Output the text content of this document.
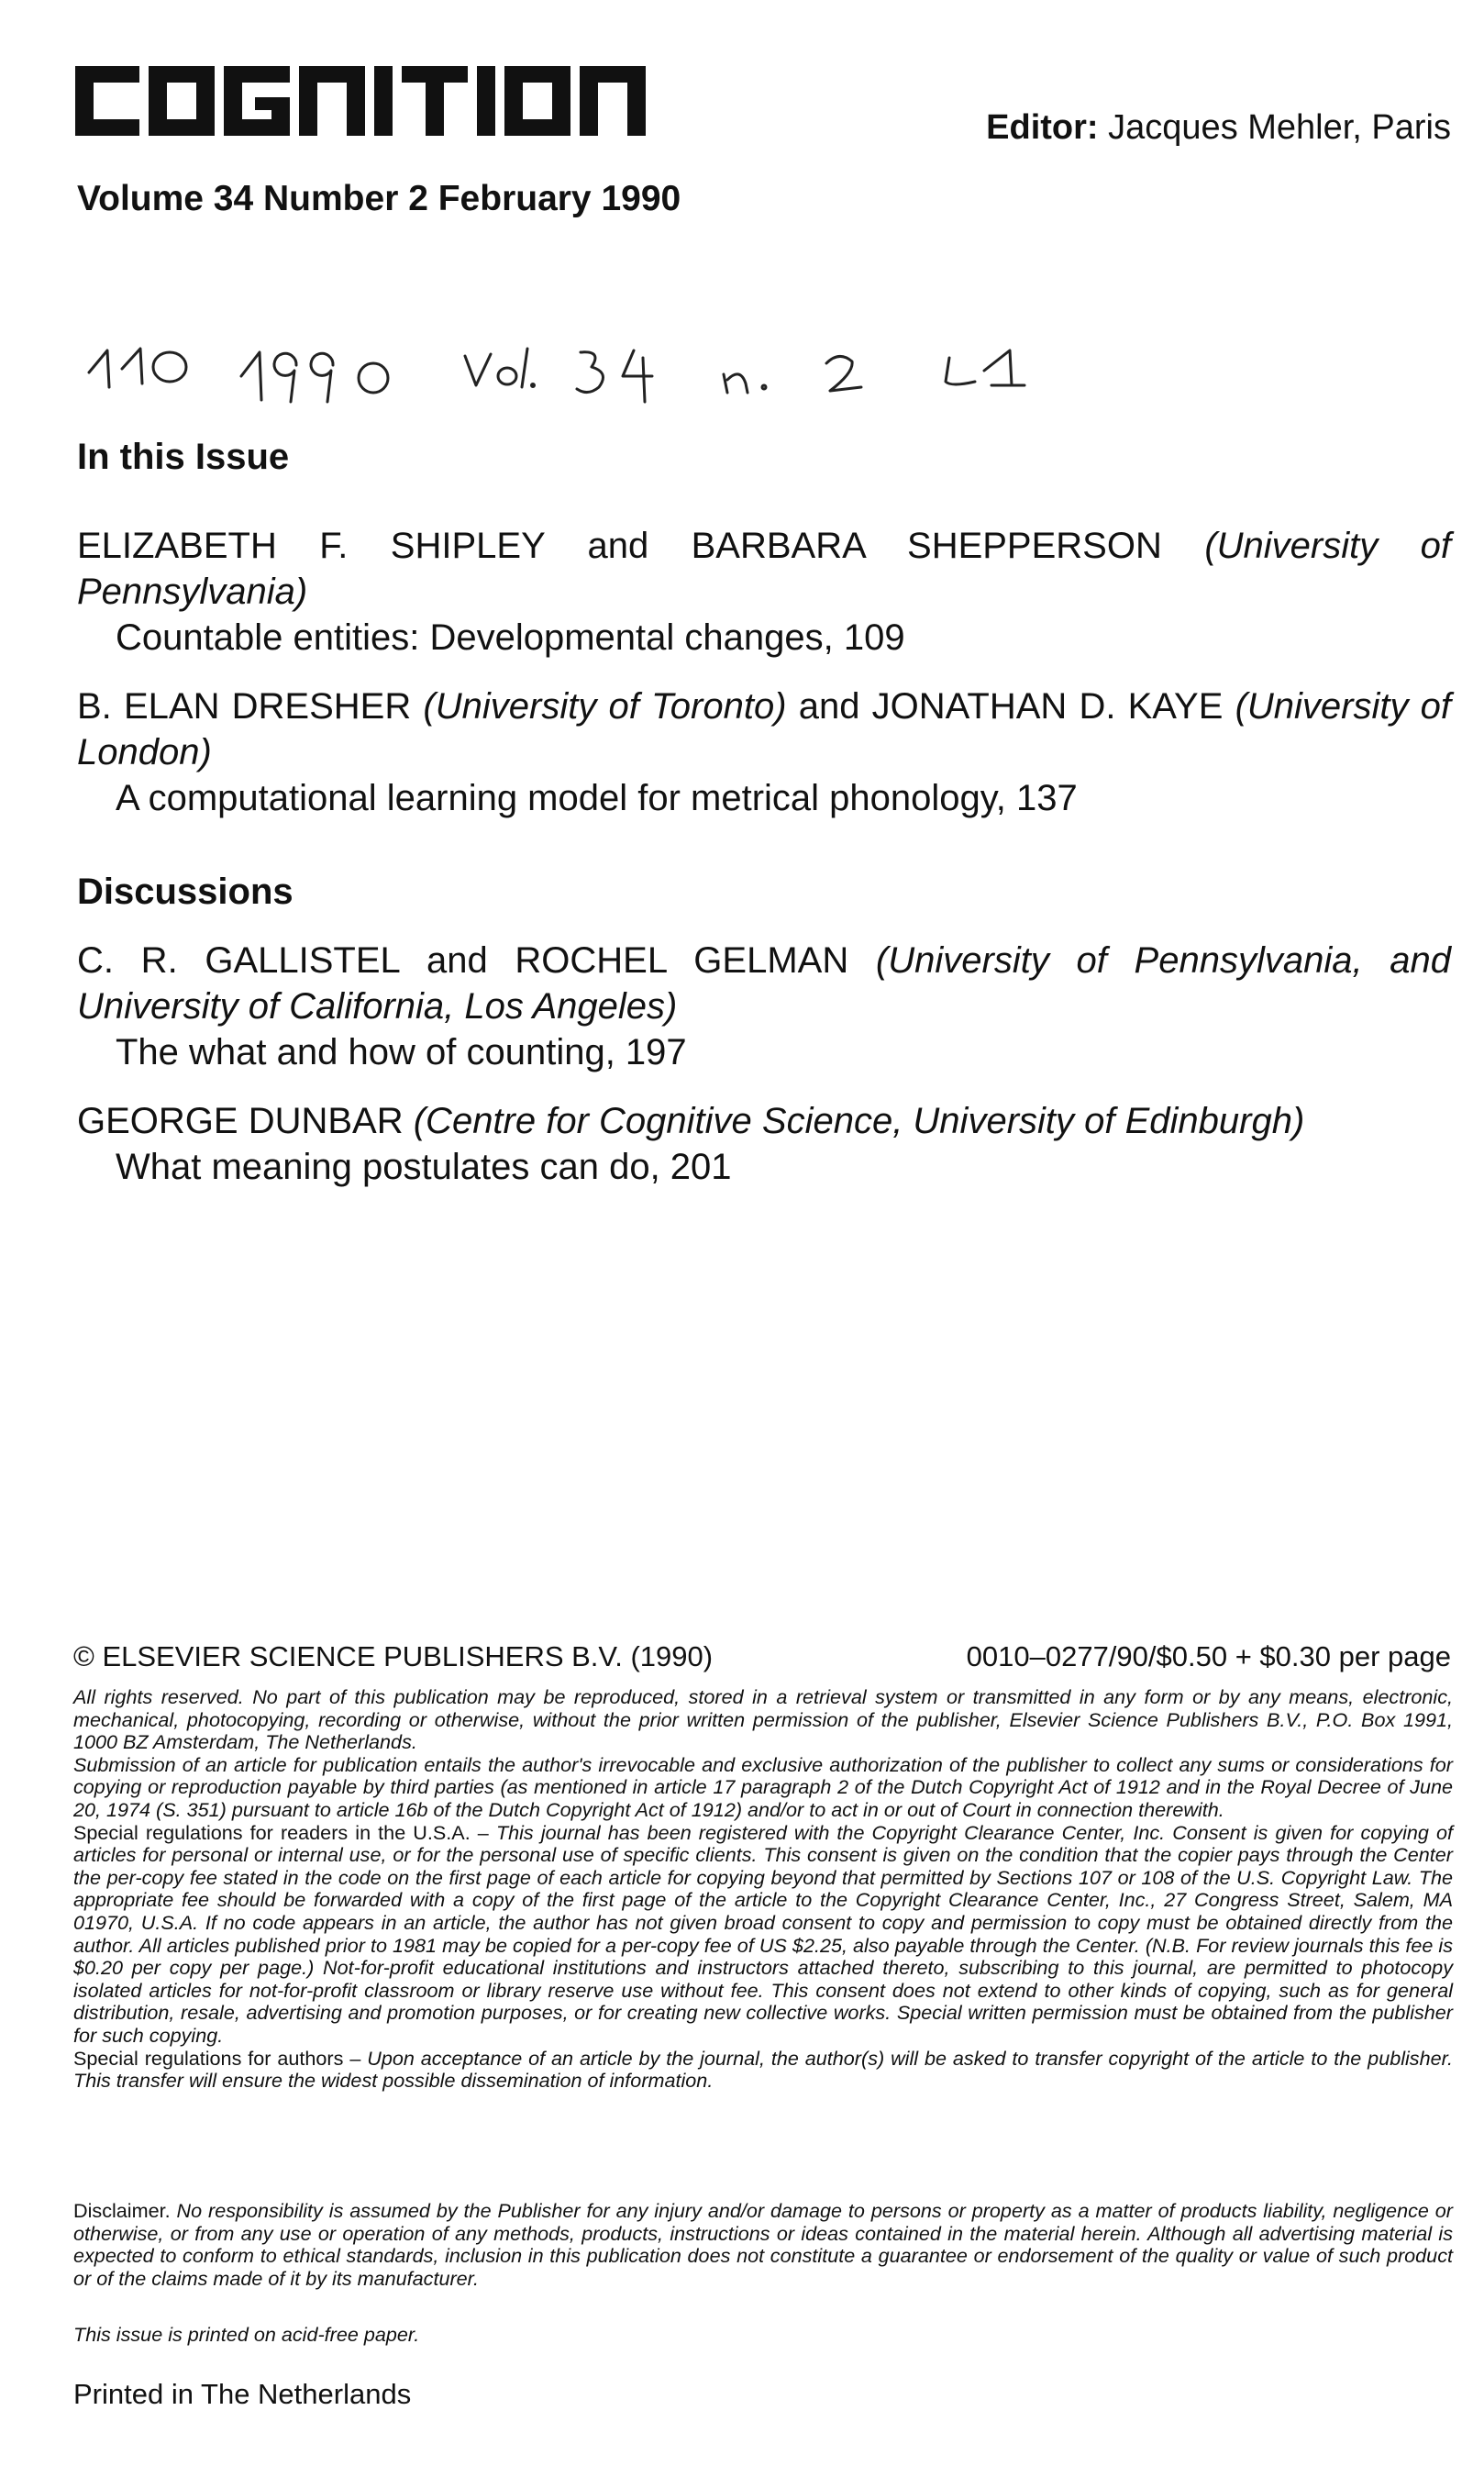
Editor: Jacques Mehler, Paris
Volume 34 Number 2 February 1990
In this Issue
ELIZABETH F. SHIPLEY and BARBARA SHEPPERSON (University of Pennsylvania)
Countable entities: Developmental changes, 109
B. ELAN DRESHER (University of Toronto) and JONATHAN D. KAYE (University of London)
A computational learning model for metrical phonology, 137
Discussions
C. R. GALLISTEL and ROCHEL GELMAN (University of Pennsylvania, and University of California, Los Angeles)
The what and how of counting, 197
GEORGE DUNBAR (Centre for Cognitive Science, University of Edinburgh)
What meaning postulates can do, 201
© ELSEVIER SCIENCE PUBLISHERS B.V. (1990)	0010–0277/90/$0.50 + $0.30 per page

All rights reserved. No part of this publication may be reproduced, stored in a retrieval system or transmitted in any form or by any means, electronic, mechanical, photocopying, recording or otherwise, without the prior written permission of the publisher, Elsevier Science Publishers B.V., P.O. Box 1991, 1000 BZ Amsterdam, The Netherlands.

Submission of an article for publication entails the author's irrevocable and exclusive authorization of the publisher to collect any sums or considerations for copying or reproduction payable by third parties (as mentioned in article 17 paragraph 2 of the Dutch Copyright Act of 1912 and in the Royal Decree of June 20, 1974 (S. 351) pursuant to article 16b of the Dutch Copyright Act of 1912) and/or to act in or out of Court in connection therewith.

Special regulations for readers in the U.S.A. – This journal has been registered with the Copyright Clearance Center, Inc. Consent is given for copying of articles for personal or internal use, or for the personal use of specific clients. This consent is given on the condition that the copier pays through the Center the per-copy fee stated in the code on the first page of each article for copying beyond that permitted by Sections 107 or 108 of the U.S. Copyright Law. The appropriate fee should be forwarded with a copy of the first page of the article to the Copyright Clearance Center, Inc., 27 Congress Street, Salem, MA 01970, U.S.A. If no code appears in an article, the author has not given broad consent to copy and permission to copy must be obtained directly from the author. All articles published prior to 1981 may be copied for a per-copy fee of US $2.25, also payable through the Center. (N.B. For review journals this fee is $0.20 per copy per page.) Not-for-profit educational institutions and instructors attached thereto, subscribing to this journal, are permitted to photocopy isolated articles for not-for-profit classroom or library reserve use without fee. This consent does not extend to other kinds of copying, such as for general distribution, resale, advertising and promotion purposes, or for creating new collective works. Special written permission must be obtained from the publisher for such copying.

Special regulations for authors – Upon acceptance of an article by the journal, the author(s) will be asked to transfer copyright of the article to the publisher. This transfer will ensure the widest possible dissemination of information.

Disclaimer. No responsibility is assumed by the Publisher for any injury and/or damage to persons or property as a matter of products liability, negligence or otherwise, or from any use or operation of any methods, products, instructions or ideas contained in the material herein. Although all advertising material is expected to conform to ethical standards, inclusion in this publication does not constitute a guarantee or endorsement of the quality or value of such product or of the claims made of it by its manufacturer.
This issue is printed on acid-free paper.
Printed in The Netherlands
